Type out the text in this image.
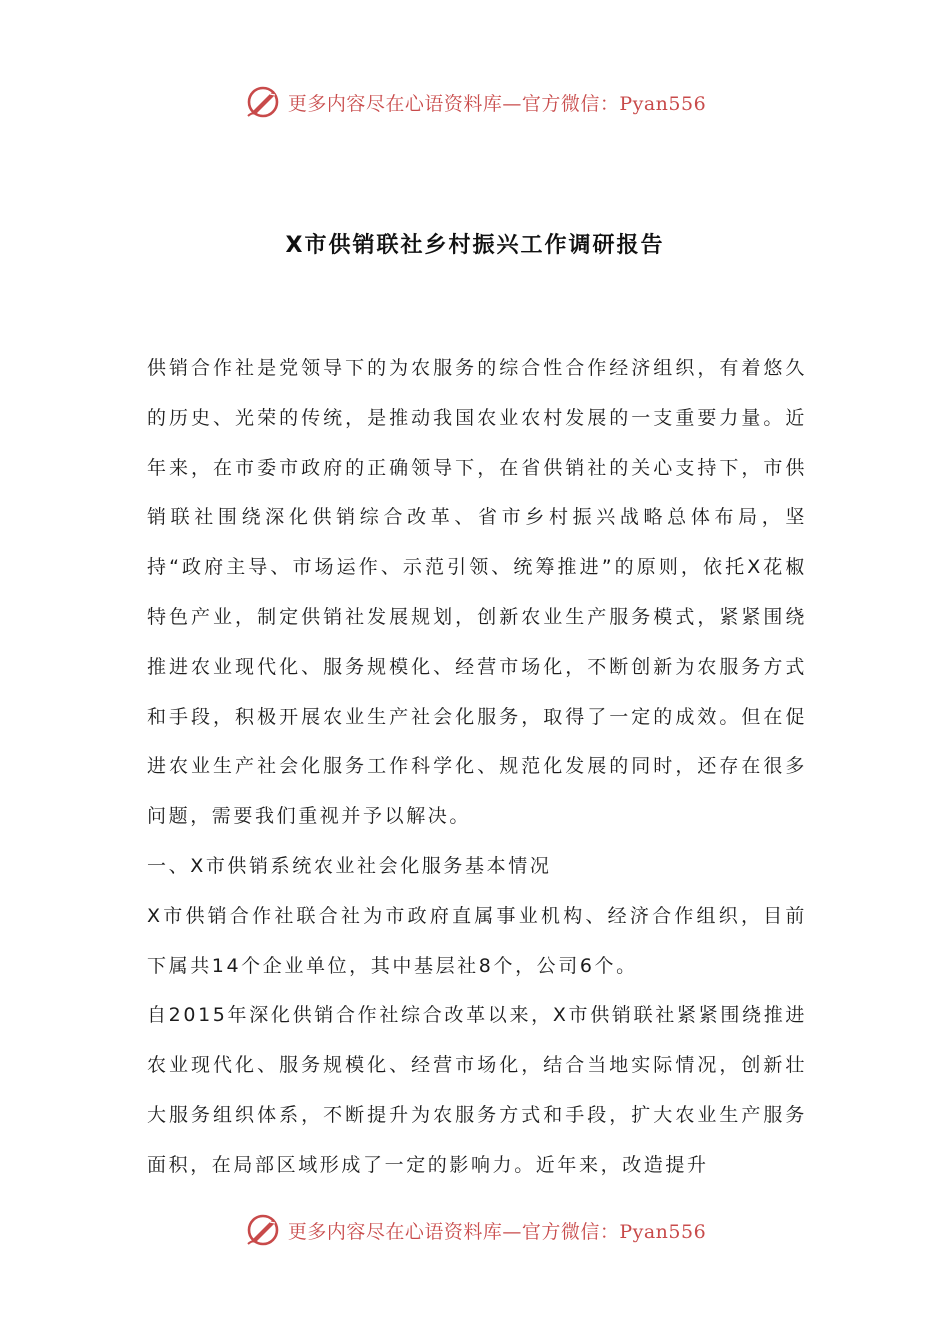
更多内容尽在心语资料库—官方微信：Pyan556
X市供销联社乡村振兴工作调研报告

供销合作社是党领导下的为农服务的综合性合作经济组织，有着悠久的历史、光荣的传统，是推动我国农业农村发展的一支重要力量。近年来，在市委市政府的正确领导下，在省供销社的关心支持下，市供销联社围绕深化供销综合改革、省市乡村振兴战略总体布局，坚持“政府主导、市场运作、示范引领、统筹推进”的原则，依托X花椒特色产业，制定供销社发展规划，创新农业生产服务模式，紧紧围绕推进农业现代化、服务规模化、经营市场化，不断创新为农服务方式和手段，积极开展农业生产社会化服务，取得了一定的成效。但在促进农业生产社会化服务工作科学化、规范化发展的同时，还存在很多问题，需要我们重视并予以解决。

一、X市供销系统农业社会化服务基本情况

X市供销合作社联合社为市政府直属事业机构、经济合作组织，目前下属共14个企业单位，其中基层社8个，公司6个。

自2015年深化供销合作社综合改革以来，X市供销联社紧紧围绕推进农业现代化、服务规模化、经营市场化，结合当地实际情况，创新壮大服务组织体系，不断提升为农服务方式和手段，扩大农业生产服务面积，在局部区域形成了一定的影响力。近年来，改造提升

更多内容尽在心语资料库—官方微信：Pyan556
